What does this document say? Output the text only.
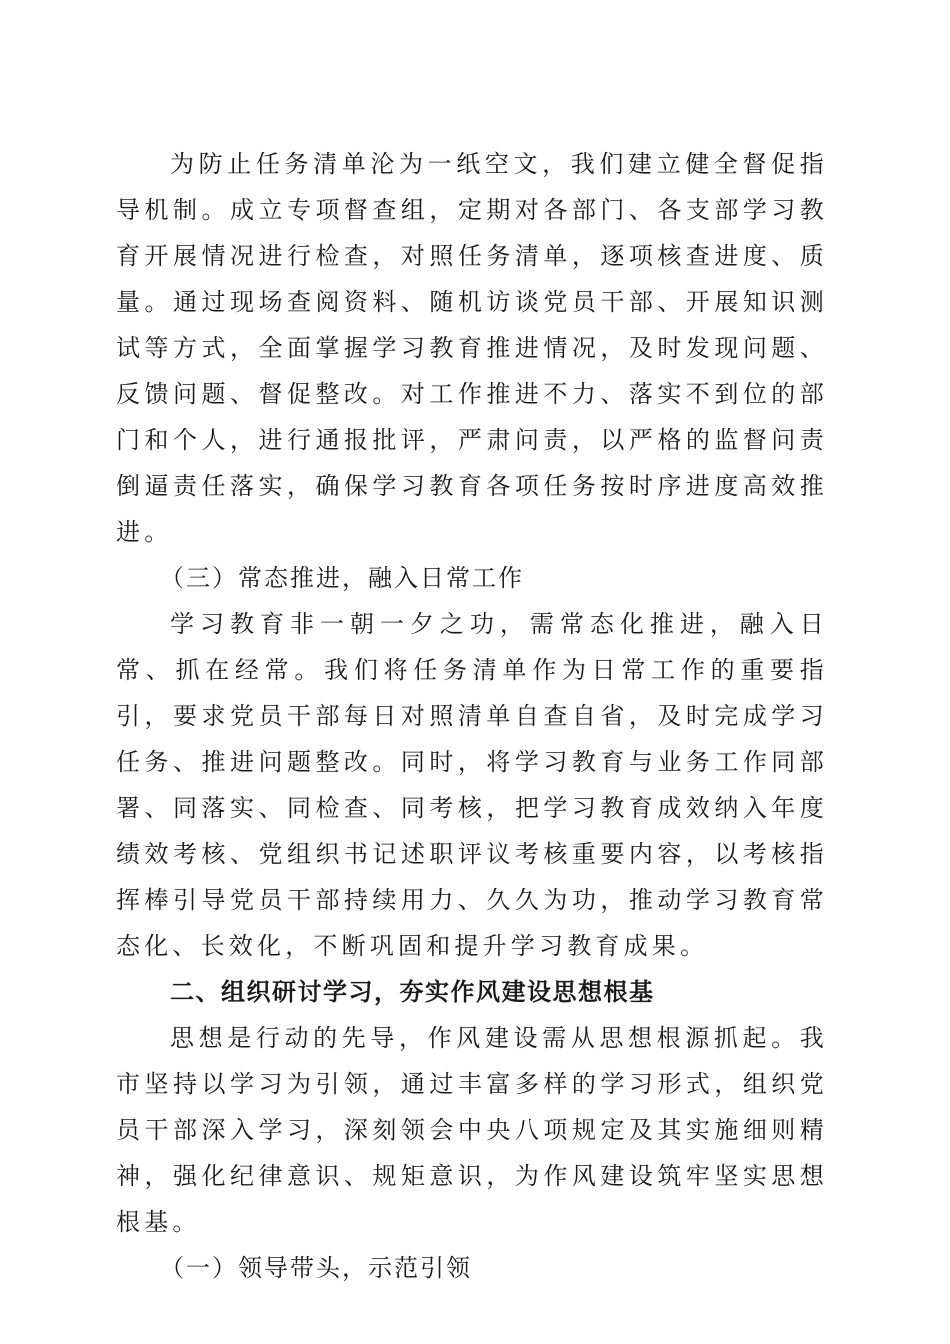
为防止任务清单沦为一纸空文，我们建立健全督促指导机制。成立专项督查组，定期对各部门、各支部学习教育开展情况进行检查，对照任务清单，逐项核查进度、质量。通过现场查阅资料、随机访谈党员干部、开展知识测试等方式，全面掌握学习教育推进情况，及时发现问题、反馈问题、督促整改。对工作推进不力、落实不到位的部门和个人，进行通报批评，严肃问责，以严格的监督问责倒逼责任落实，确保学习教育各项任务按时序进度高效推进。

（三）常态推进，融入日常工作

学习教育非一朝一夕之功，需常态化推进，融入日常、抓在经常。我们将任务清单作为日常工作的重要指引，要求党员干部每日对照清单自查自省，及时完成学习任务、推进问题整改。同时，将学习教育与业务工作同部署、同落实、同检查、同考核，把学习教育成效纳入年度绩效考核、党组织书记述职评议考核重要内容，以考核指挥棒引导党员干部持续用力、久久为功，推动学习教育常态化、长效化，不断巩固和提升学习教育成果。

二、组织研讨学习，夯实作风建设思想根基

思想是行动的先导，作风建设需从思想根源抓起。我市坚持以学习为引领，通过丰富多样的学习形式，组织党员干部深入学习，深刻领会中央八项规定及其实施细则精神，强化纪律意识、规矩意识，为作风建设筑牢坚实思想根基。

（一）领导带头，示范引领
